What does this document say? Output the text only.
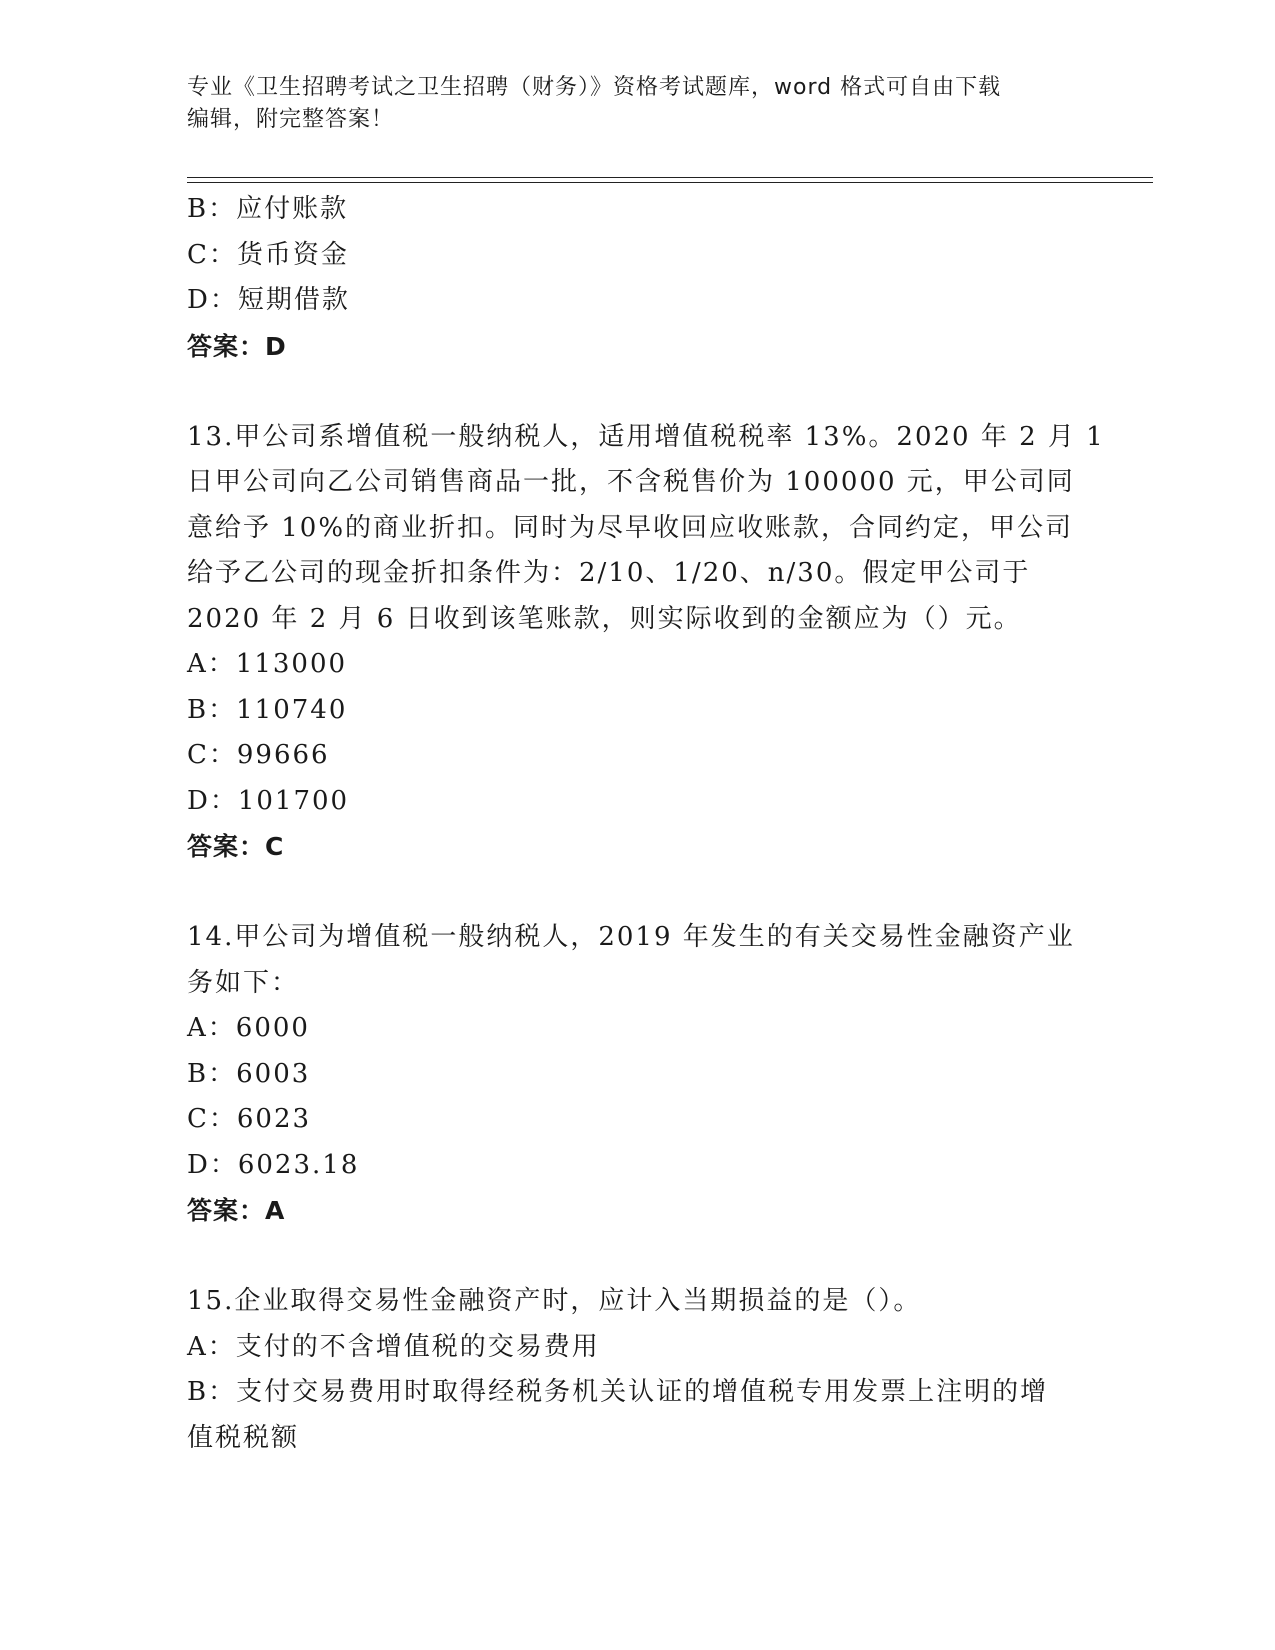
专业《卫生招聘考试之卫生招聘（财务）》资格考试题库，word 格式可自由下载
编辑，附完整答案！
B：应付账款
C：货币资金
D：短期借款
答案：D
13.甲公司系增值税一般纳税人，适用增值税税率 13%。2020 年 2 月 1
日甲公司向乙公司销售商品一批，不含税售价为 100000 元，甲公司同
意给予 10%的商业折扣。同时为尽早收回应收账款，合同约定，甲公司
给予乙公司的现金折扣条件为：2/10、1/20、n/30。假定甲公司于
2020 年 2 月 6 日收到该笔账款，则实际收到的金额应为（）元。
A：113000
B：110740
C：99666
D：101700
答案：C
14.甲公司为增值税一般纳税人，2019 年发生的有关交易性金融资产业
务如下：
A：6000
B：6003
C：6023
D：6023.18
答案：A
15.企业取得交易性金融资产时，应计入当期损益的是（）。
A：支付的不含增值税的交易费用
B：支付交易费用时取得经税务机关认证的增值税专用发票上注明的增
值税税额
